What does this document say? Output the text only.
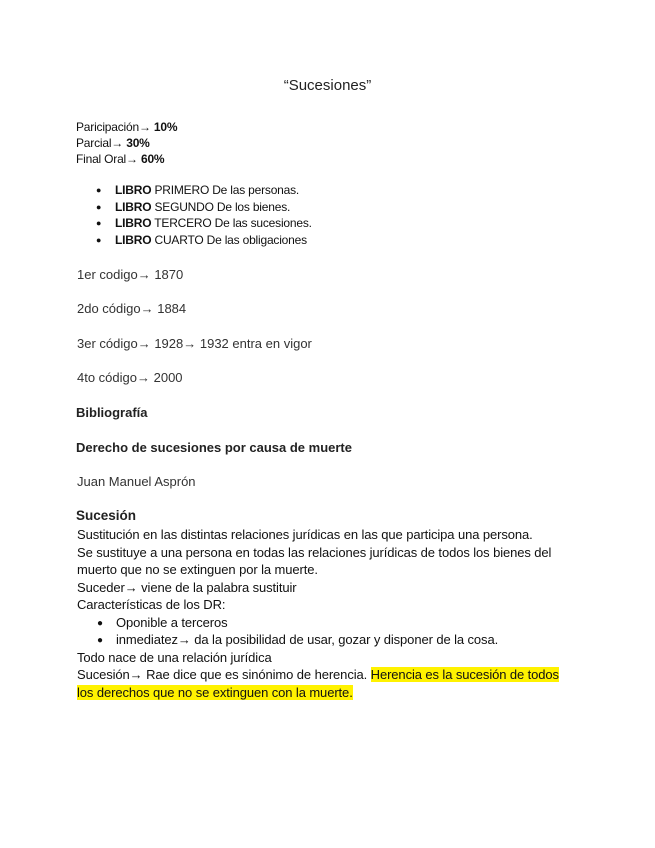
“Sucesiones”
Paricipación→ 10%
Parcial→ 30%
Final Oral→ 60%
● LIBRO PRIMERO De las personas.
● LIBRO SEGUNDO De los bienes.
● LIBRO TERCERO De las sucesiones.
● LIBRO CUARTO De las obligaciones
1er codigo→ 1870
2do código→ 1884
3er código→ 1928→ 1932 entra en vigor
4to código→ 2000
Bibliografía
Derecho de sucesiones por causa de muerte
Juan Manuel Asprón
Sucesión

Sustitución en las distintas relaciones jurídicas en las que participa una persona.

Se sustituye a una persona en todas las relaciones jurídicas de todos los bienes del muerto que no se extinguen por la muerte.

Suceder→ viene de la palabra sustituir

Características de los DR:

● Oponible a terceros
● inmediatez→ da la posibilidad de usar, gozar y disponer de la cosa.

Todo nace de una relación jurídica

Sucesión→ Rae dice que es sinónimo de herencia. Herencia es la sucesión de todos los derechos que no se extinguen con la muerte.
